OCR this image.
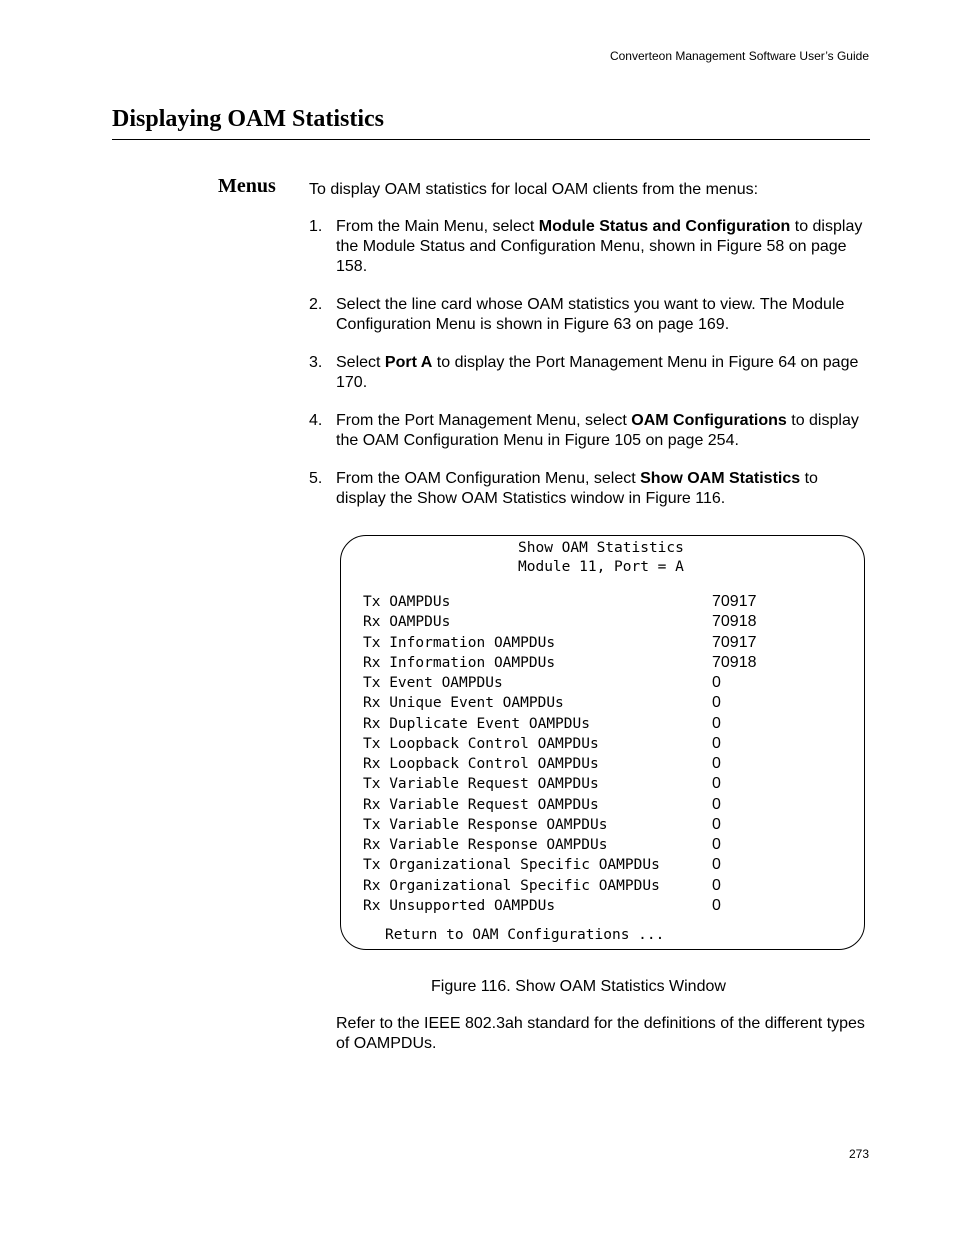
Converteon Management Software User’s Guide
Displaying OAM Statistics
Menus To display OAM statistics for local OAM clients from the menus:
1. From the Main Menu, select Module Status and Configuration to display the Module Status and Configuration Menu, shown in Figure 58 on page 158.
2. Select the line card whose OAM statistics you want to view. The Module Configuration Menu is shown in Figure 63 on page 169.
3. Select Port A to display the Port Management Menu in Figure 64 on page 170.
4. From the Port Management Menu, select OAM Configurations to display the OAM Configuration Menu in Figure 105 on page 254.
5. From the OAM Configuration Menu, select Show OAM Statistics to display the Show OAM Statistics window in Figure 116.
Show OAM Statistics
Module 11, Port = A
Tx OAMPDUs	70917
Rx OAMPDUs	70918
Tx Information OAMPDUs	70917
Rx Information OAMPDUs	70918
Tx Event OAMPDUs	0
Rx Unique Event OAMPDUs	0
Rx Duplicate Event OAMPDUs	0
Tx Loopback Control OAMPDUs	0
Rx Loopback Control OAMPDUs	0
Tx Variable Request OAMPDUs	0
Rx Variable Request OAMPDUs	0
Tx Variable Response OAMPDUs	0
Rx Variable Response OAMPDUs	0
Tx Organizational Specific OAMPDUs	0
Rx Organizational Specific OAMPDUs	0
Rx Unsupported OAMPDUs	0
Return to OAM Configurations ...
Figure 116. Show OAM Statistics Window
Refer to the IEEE 802.3ah standard for the definitions of the different types of OAMPDUs.
273
